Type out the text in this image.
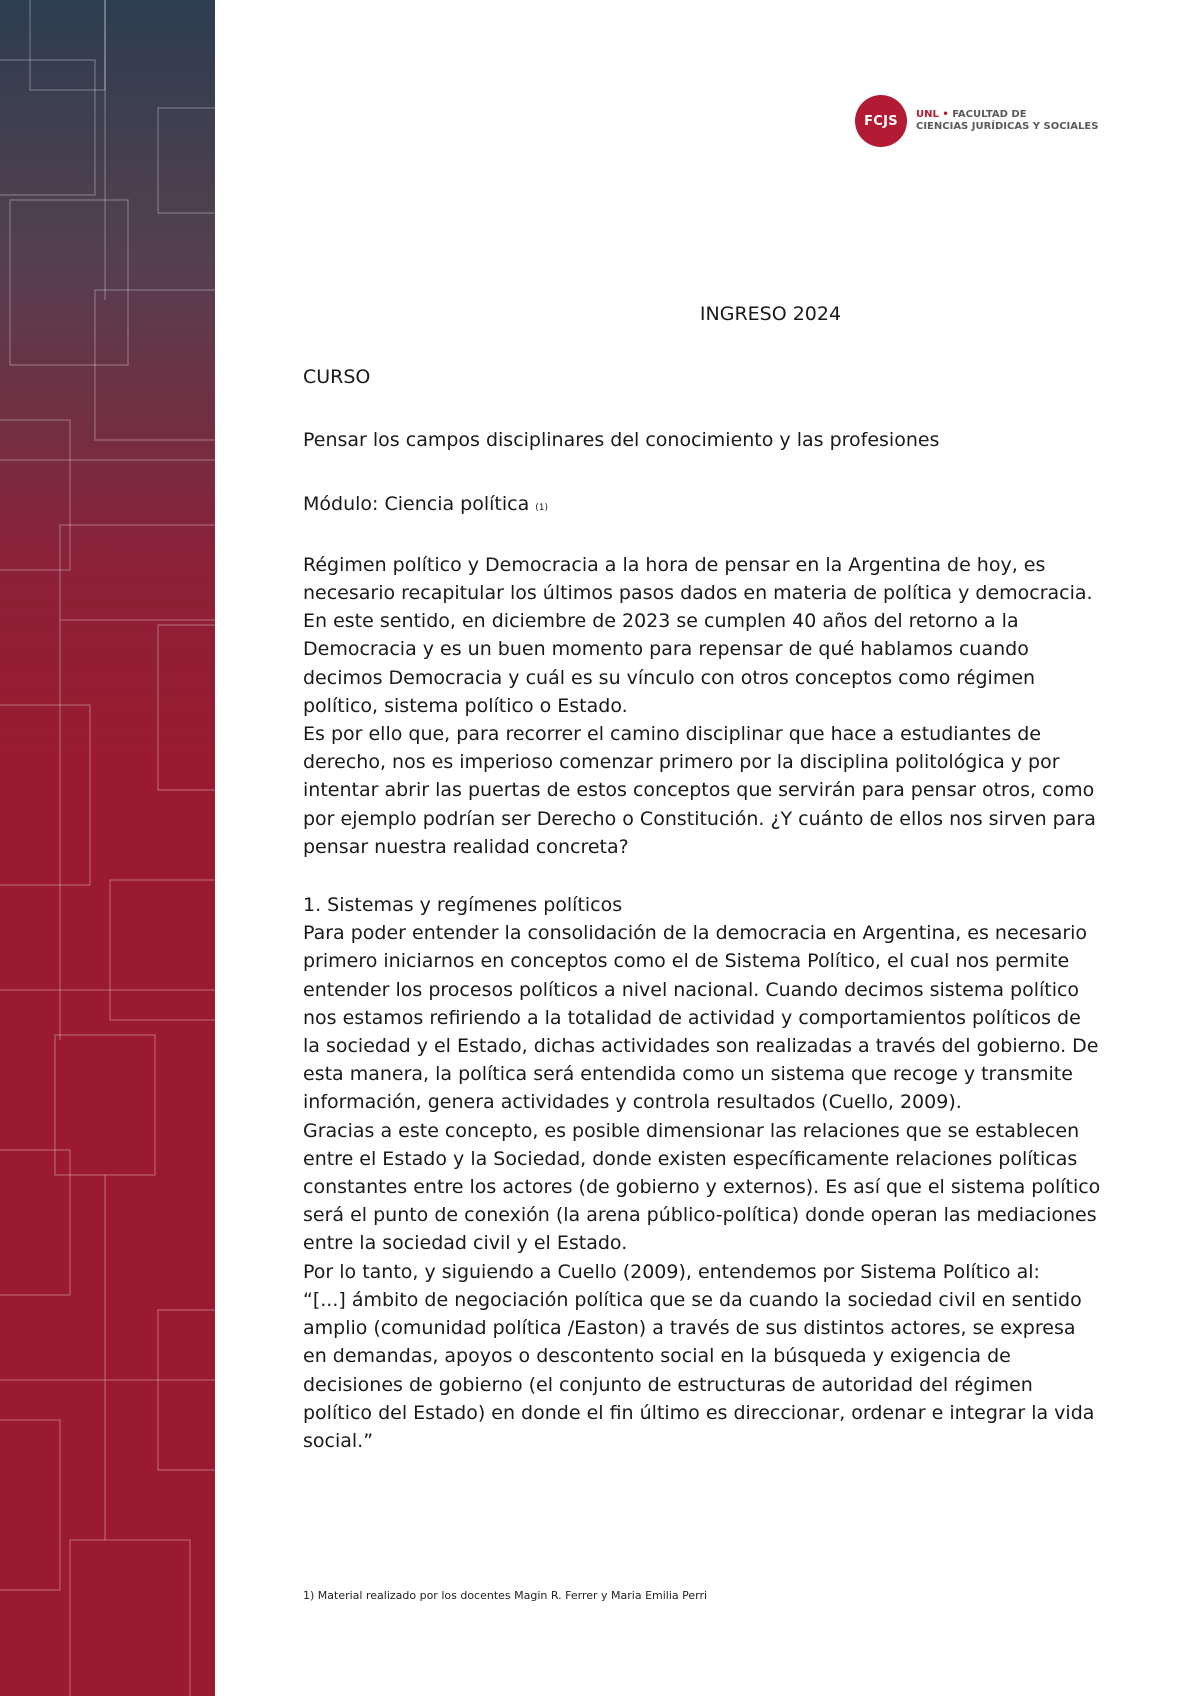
FCJS	UNL • FACULTAD DE
CIENCIAS JURÍDICAS Y SOCIALES

INGRESO 2024

CURSO

Pensar los campos disciplinares del conocimiento y las profesiones

Módulo: Ciencia política (1)

Régimen político y Democracia a la hora de pensar en la Argentina de hoy, es necesario recapitular los últimos pasos dados en materia de política y democracia. En este sentido, en diciembre de 2023 se cumplen 40 años del retorno a la Democracia y es un buen momento para repensar de qué hablamos cuando decimos Democracia y cuál es su vínculo con otros conceptos como régimen político, sistema político o Estado.

Es por ello que, para recorrer el camino disciplinar que hace a estudiantes de derecho, nos es imperioso comenzar primero por la disciplina politológica y por intentar abrir las puertas de estos conceptos que servirán para pensar otros, como por ejemplo podrían ser Derecho o Constitución. ¿Y cuánto de ellos nos sirven para pensar nuestra realidad concreta?

1. Sistemas y regímenes políticos

Para poder entender la consolidación de la democracia en Argentina, es necesario primero iniciarnos en conceptos como el de Sistema Político, el cual nos permite entender los procesos políticos a nivel nacional. Cuando decimos sistema político nos estamos refiriendo a la totalidad de actividad y comportamientos políticos de la sociedad y el Estado, dichas actividades son realizadas a través del gobierno. De esta manera, la política será entendida como un sistema que recoge y transmite información, genera actividades y controla resultados (Cuello, 2009).

Gracias a este concepto, es posible dimensionar las relaciones que se establecen entre el Estado y la Sociedad, donde existen específicamente relaciones políticas constantes entre los actores (de gobierno y externos). Es así que el sistema político será el punto de conexión (la arena público-política) donde operan las mediaciones entre la sociedad civil y el Estado.

Por lo tanto, y siguiendo a Cuello (2009), entendemos por Sistema Político al:

“[...] ámbito de negociación política que se da cuando la sociedad civil en sentido amplio (comunidad política /Easton) a través de sus distintos actores, se expresa en demandas, apoyos o descontento social en la búsqueda y exigencia de decisiones de gobierno (el conjunto de estructuras de autoridad del régimen político del Estado) en donde el fin último es direccionar, ordenar e integrar la vida social.”

1) Material realizado por los docentes Magin R. Ferrer y Maria Emilia Perri
